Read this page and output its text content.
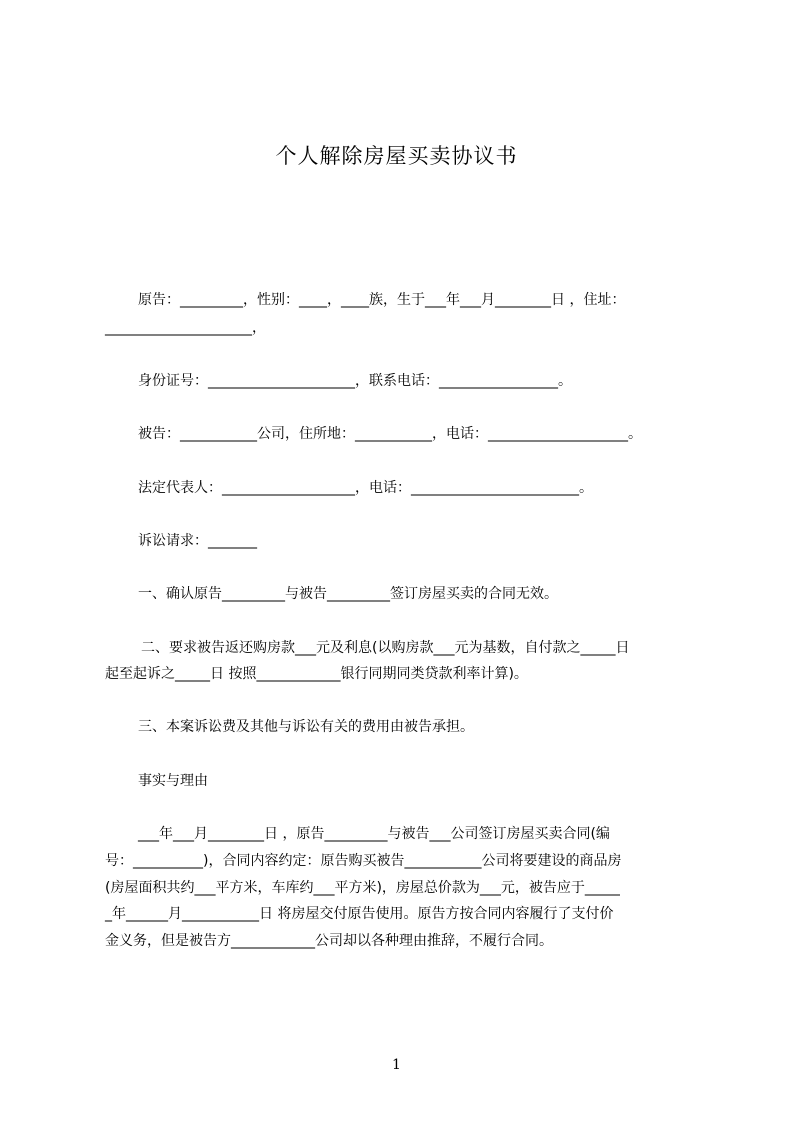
个人解除房屋买卖协议书
原告：_________，性别：____，____族，生于___年___月________日 ，住址：
_____________________，
身份证号：_____________________，联系电话：_________________。
被告：___________公司，住所地：___________，电话：____________________。
法定代表人：___________________，电话：________________________。
诉讼请求：_______
一、确认原告_________与被告_________签订房屋买卖的合同无效。
二、要求被告返还购房款___元及利息(以购房款___元为基数，自付款之_____日
起至起诉之_____日 按照____________银行同期同类贷款利率计算)。
三、本案诉讼费及其他与诉讼有关的费用由被告承担。
事实与理由
___年___月________日 ，原告_________与被告___公司签订房屋买卖合同(编
号：__________)，合同内容约定：原告购买被告___________公司将要建设的商品房
(房屋面积共约___平方米，车库约___平方米)，房屋总价款为___元，被告应于_____
_年______月___________日 将房屋交付原告使用。原告方按合同内容履行了支付价
金义务，但是被告方____________公司却以各种理由推辞，不履行合同。
1
